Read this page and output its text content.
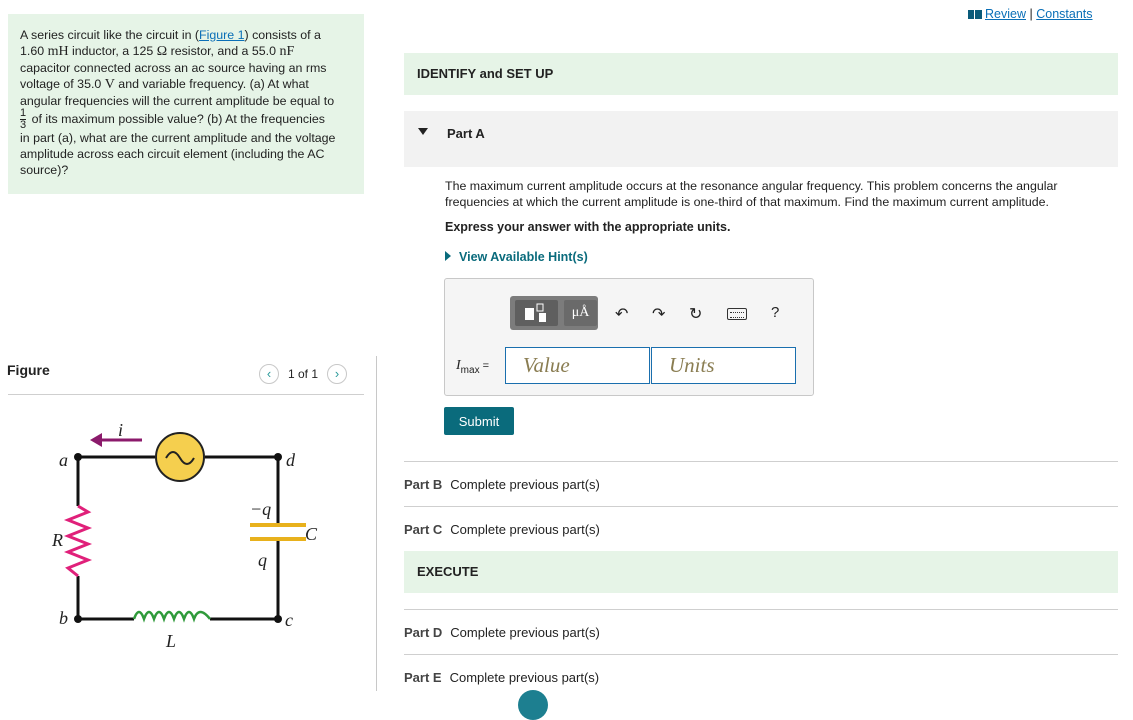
A series circuit like the circuit in (Figure 1) consists of a
1.60 mH inductor, a 125 Ω resistor, and a 55.0 nF
capacitor connected across an ac source having an rms
voltage of 35.0 V and variable frequency. (a) At what
angular frequencies will the current amplitude be equal to

$\frac{1}{3}$ of its maximum possible value? (b) At the frequencies
in part (a), what are the current amplitude and the voltage
amplitude across each circuit element (including the AC
source)?
Figure	‹	1 of 1	›
a	d
b	c
R
L
C
i
−q
q
Review | Constants
IDENTIFY and SET UP
Part A
The maximum current amplitude occurs at the resonance angular frequency. This problem concerns the angular
frequencies at which the current amplitude is one-third of that maximum. Find the maximum current amplitude.
Express your answer with the appropriate units.
View Available Hint(s)
μÅ	↶ ↷ ↻	?
$I_{max}$ =	Value	Units
Submit
Part B Complete previous part(s)
Part C Complete previous part(s)
EXECUTE
Part D Complete previous part(s)
Part E Complete previous part(s)
